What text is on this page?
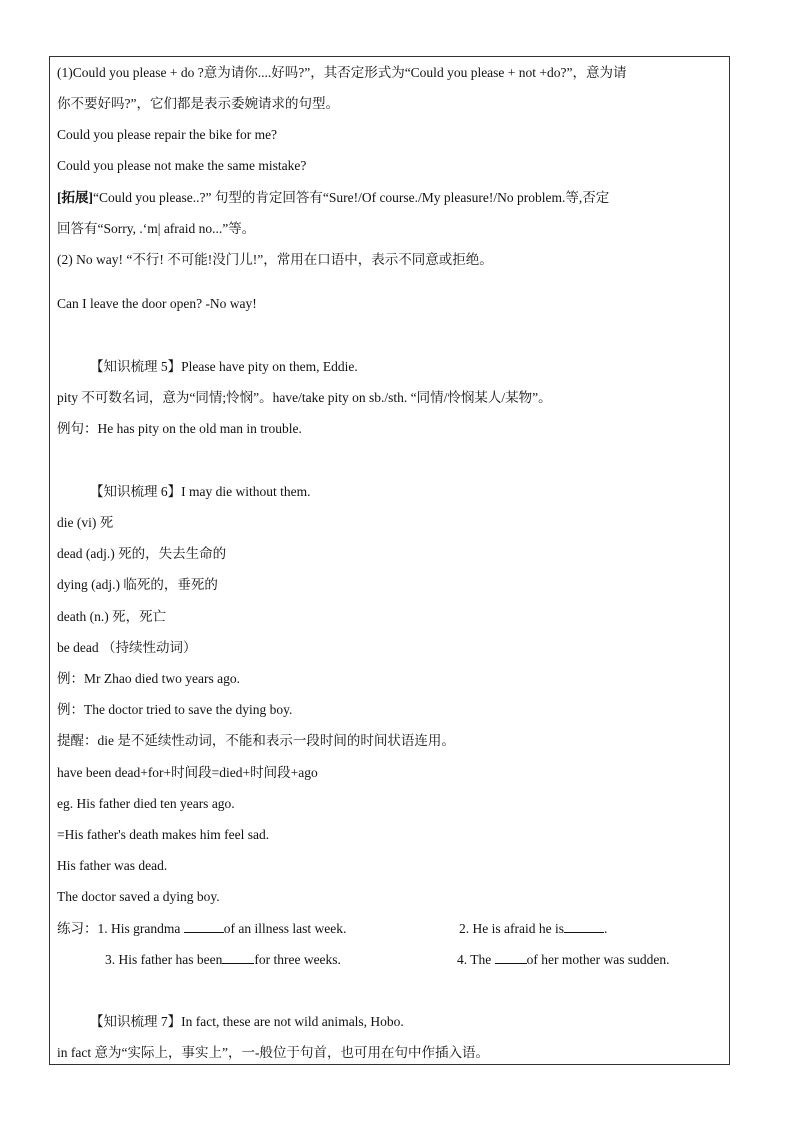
(1)Could you please + do ?意为请你....好吗?”，其否定形式为“Could you please + not +do?”，意为请
你不要好吗?”，它们都是表示委婉请求的句型。
Could you please repair the bike for me?
Could you please not make the same mistake?
[拓展]“Could you please..?” 句型的肯定回答有“Sure!/Of course./My pleasure!/No problem.等,否定
回答有“Sorry, .‘m| afraid no...”等。
(2) No way! “不行! 不可能!没门儿!”，常用在口语中，表示不同意或拒绝。
Can I leave the door open? -No way!
【知识梳理 5】Please have pity on them, Eddie.
pity 不可数名词，意为“同情;怜悯”。have/take pity on sb./sth. “同情/怜悯某人/某物”。
例句：He has pity on the old man in trouble.
【知识梳理 6】I may die without them.
die (vi) 死
dead (adj.) 死的，失去生命的
dying (adj.) 临死的，垂死的
death (n.) 死，死亡
be dead （持续性动词）
例：Mr Zhao died two years ago.
例：The doctor tried to save the dying boy.
提醒：die 是不延续性动词，不能和表示一段时间的时间状语连用。
have been dead+for+时间段=died+时间段+ago
eg. His father died ten years ago.
=His father's death makes him feel sad.
His father was dead.
The doctor saved a dying boy.
练习：1. His grandma	of an illness last week.	2. He is afraid he is	.
3. His father has been for three weeks.	4. The of her mother was sudden.
【知识梳理 7】In fact, these are not wild animals, Hobo.
in fact 意为“实际上，事实上”，一-般位于句首，也可用在句中作插入语。
